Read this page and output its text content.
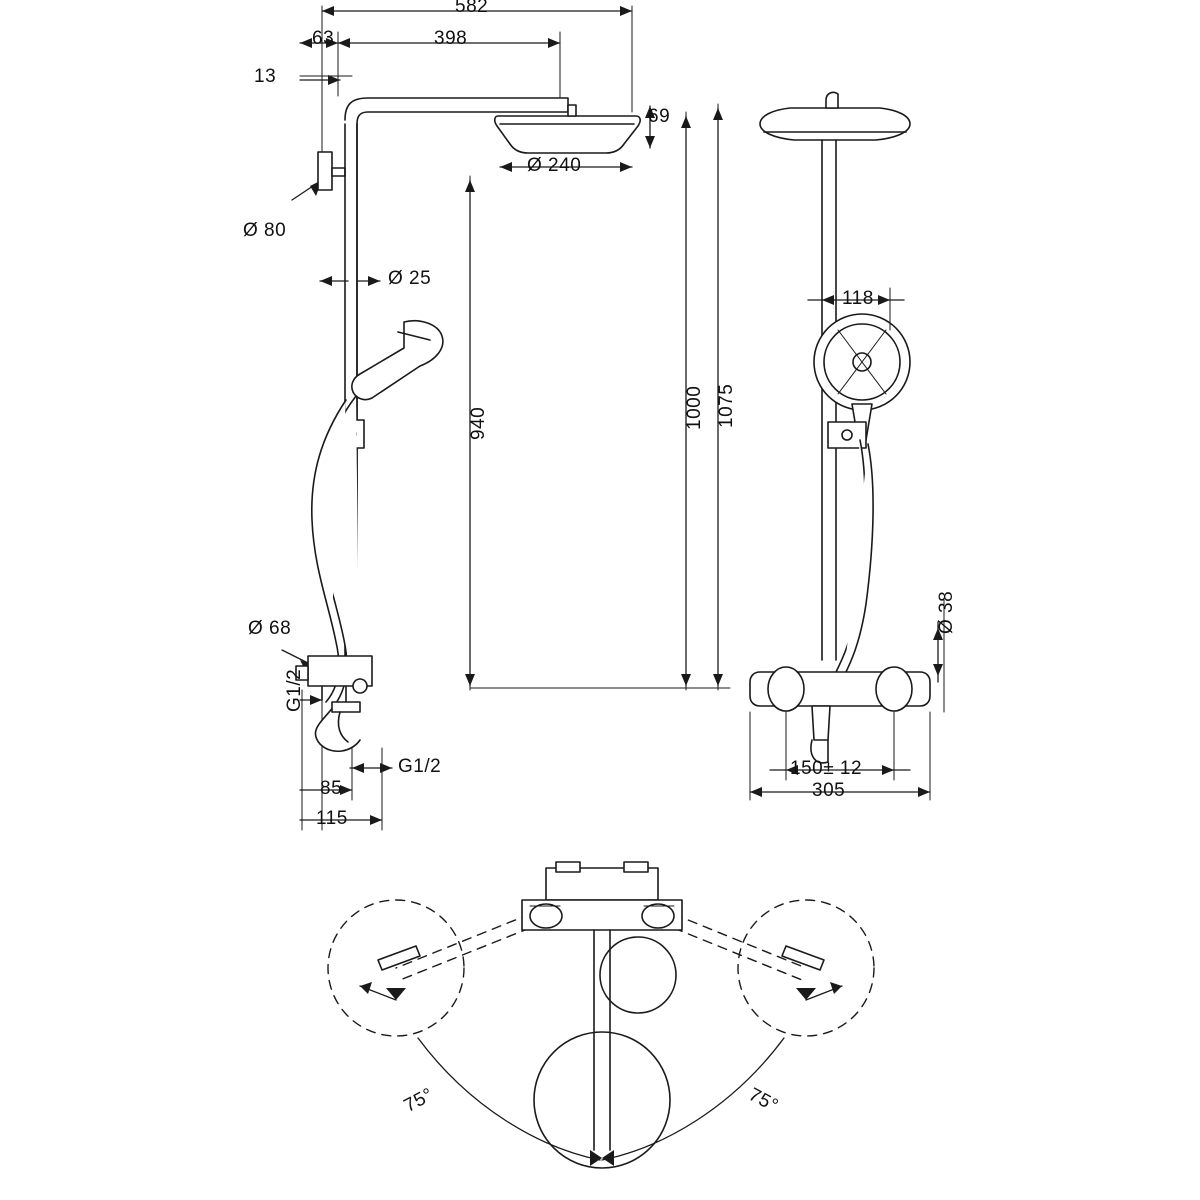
582
398
63
13
69
Ø 240
Ø 80
Ø 25
940	1000 1075
Ø 68
G1/2
G1/2
85
115
118
Ø 38
150± 12
305
75°	75°
